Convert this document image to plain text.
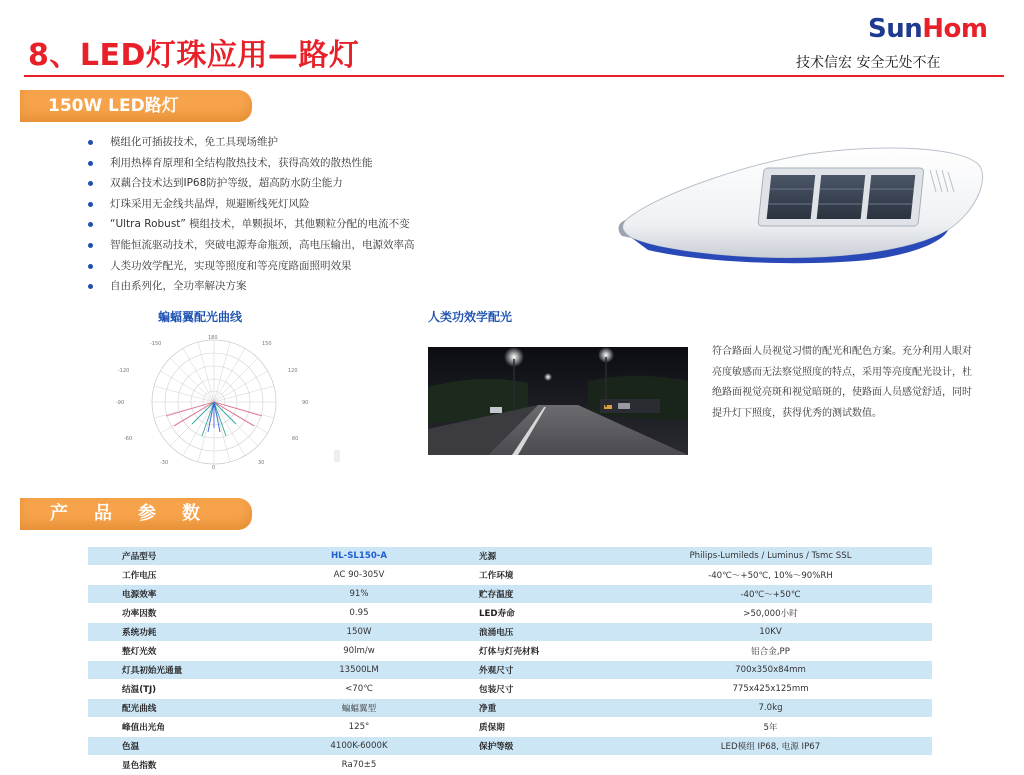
8、LED灯珠应用—路灯
SunHom
技术信宏 安全无处不在
150W LED路灯
模组化可插拔技术，免工具现场维护
利用热棒育原理和全结构散热技术，获得高效的散热性能
双藕合技术达到IP68防护等级，超高防水防尘能力
灯珠采用无金线共晶焊，规避断线死灯风险
“Ultra Robust” 模组技术，单颗损坏，其他颗粒分配的电流不变
智能恒流驱动技术，突破电源寿命瓶颈，高电压输出，电源效率高
人类功效学配光，实现等照度和等亮度路面照明效果
自由系列化，全功率解决方案
蝙蝠翼配光曲线	人类功效学配光
-150
180
150
-120	120
-90	90
-60	60
-30	30
0
符合路面人员视觉习惯的配光和配色方案。充分利用人眼对亮度敏感而无法察觉照度的特点，采用等亮度配光设计，杜绝路面视觉亮斑和视觉暗斑的，使路面人员感觉舒适，同时提升灯下照度，获得优秀的测试数值。
产品参数
产品型号	HL-SL150-A	光源	Philips-Lumileds / Luminus / Tsmc SSL
工作电压	AC 90-305V	工作环境	-40℃～+50℃, 10%～90%RH
电源效率	91%	贮存温度	-40℃～+50℃
功率因数	0.95	LED寿命	>50,000小时
系统功耗	150W	浪涌电压	10KV
整灯光效	90lm/w	灯体与灯壳材料	铝合金,PP
灯具初始光通量	13500LM	外观尺寸	700x350x84mm
结温(TJ)	<70℃	包装尺寸	775x425x125mm
配光曲线	蝙蝠翼型	净重	7.0kg
峰值出光角	125°	质保期	5年
色温	4100K-6000K	保护等级	LED模组 IP68, 电源 IP67
显色指数	Ra70±5		
